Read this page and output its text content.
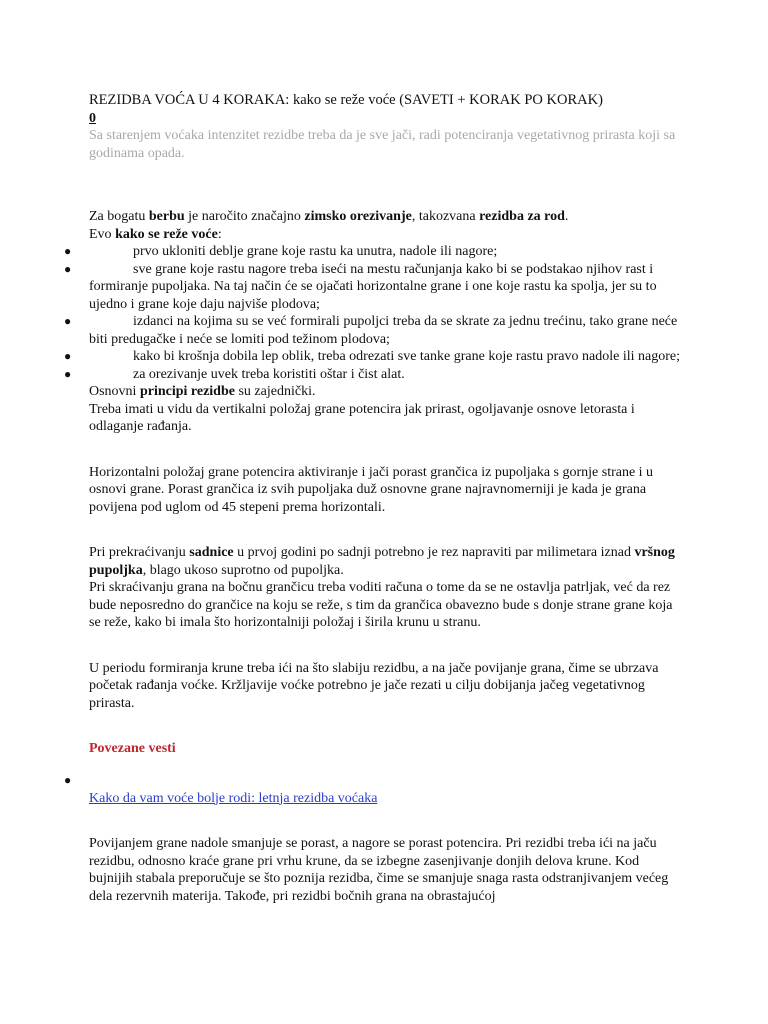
REZIDBA VOĆA U 4 KORAKA: kako se reže voće (SAVETI + KORAK PO KORAK)

0

Sa starenjem voćaka intenzitet rezidbe treba da je sve jači, radi potenciranja vegetativnog prirasta koji sa godinama opada.

Za bogatu berbu je naročito značajno zimsko orezivanje, takozvana rezidba za rod.

Evo kako se reže voće:

●	prvo ukloniti deblje grane koje rastu ka unutra, nadole ili nagore;
●	sve grane koje rastu nagore treba iseći na mestu računjanja kako bi se podstakao njihov rast i formiranje pupoljaka. Na taj način će se ojačati horizontalne grane i one koje rastu ka spolja, jer su to ujedno i grane koje daju najviše plodova;
●	izdanci na kojima su se već formirali pupoljci treba da se skrate za jednu trećinu, tako grane neće biti predugačke i neće se lomiti pod težinom plodova;
●	kako bi krošnja dobila lep oblik, treba odrezati sve tanke grane koje rastu pravo nadole ili nagore;
●	za orezivanje uvek treba koristiti oštar i čist alat.

Osnovni principi rezidbe su zajednički.

Treba imati u vidu da vertikalni položaj grane potencira jak prirast, ogoljavanje osnove letorasta i odlaganje rađanja.

Horizontalni položaj grane potencira aktiviranje i jači porast grančica iz pupoljaka s gornje strane i u osnovi grane. Porast grančica iz svih pupoljaka duž osnovne grane najravnomerniji je kada je grana povijena pod uglom od 45 stepeni prema horizontali.

Pri prekraćivanju sadnice u prvoj godini po sadnji potrebno je rez napraviti par milimetara iznad vršnog pupoljka, blago ukoso suprotno od pupoljka.

Pri skraćivanju grana na bočnu grančicu treba voditi računa o tome da se ne ostavlja patrljak, već da rez bude neposredno do grančice na koju se reže, s tim da grančica obavezno bude s donje strane grane koja se reže, kako bi imala što horizontalniji položaj i širila krunu u stranu.

U periodu formiranja krune treba ići na što slabiju rezidbu, a na jače povijanje grana, čime se ubrzava početak rađanja voćke. Kržljavije voćke potrebno je jače rezati u cilju dobijanja jačeg vegetativnog prirasta.

Povezane vesti

●

Kako da vam voće bolje rodi: letnja rezidba voćaka

Povijanjem grane nadole smanjuje se porast, a nagore se porast potencira. Pri rezidbi treba ići na jaču rezidbu, odnosno kraće grane pri vrhu krune, da se izbegne zasenjivanje donjih delova krune. Kod bujnijih stabala preporučuje se što poznija rezidba, čime se smanjuje snaga rasta odstranjivanjem većeg dela rezervnih materija. Takođe, pri rezidbi bočnih grana na obrastajućoj
